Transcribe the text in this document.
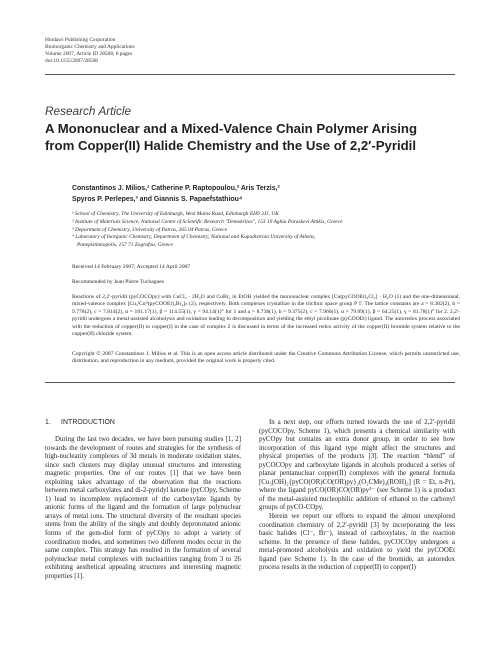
Hindawi Publishing Corporation
Bioinorganic Chemistry and Applications
Volume 2007, Article ID 28508, 6 pages
doi:10.1155/2007/28508
Research Article
A Mononuclear and a Mixed-Valence Chain Polymer Arising
from Copper(II) Halide Chemistry and the Use of 2,2′-Pyridil
Constantinos J. Milios,¹ Catherine P. Raptopoulou,² Aris Terzis,²
Spyros P. Perlepes,³ and Giannis S. Papaefstathiou⁴
¹ School of Chemistry, The University of Edinburgh, West Mains Road, Edinburgh EH9 3JJ, UK
² Institute of Materials Science, National Centre of Scientific Research "Demokritos", 153 10 Aghia Paraskevi Attikis, Greece
³ Department of Chemistry, University of Patras, 265 04 Patras, Greece
⁴ Laboratory of Inorganic Chemistry, Department of Chemistry, National and Kapodistrian University of Athens,
Panepistimiopolis, 157 71 Zografou, Greece
Received 14 February 2007; Accepted 14 April 2007
Recommended by Jean Pierre Tuchagues
Reactions of 2,2′-pyridil (pyCOCOpy) with CuCl₂ · 2H₂O and CuBr₂ in EtOH yielded the mononuclear complex [Cu(pyCOOEt)₂Cl₂] · H₂O (1) and the one-dimensional, mixed-valence complex [Cu₂ᴵCuᴵᴵ(pyCOOEt)₂Br₄]ₙ (2), respectively. Both complexes crystallize in the triclinic space group P 1̄. The lattice constants are a = 8.382(2), b = 9.778(2), c = 7.814(2), α = 101.17(1), β = 114.55(1), γ = 94.14(1)° for 1 and a = 8.738(1), b = 9.375(2), c = 7.966(1), α = 79.09(1), β = 64.25(1), γ = 81.78(1)° for 2. 2,2′-pyridil undergoes a metal-assisted alcoholysis and oxidation leading to decomposition and yielding the ethyl picolinate (pyCOOEt) ligand. The autoredox process associated with the reduction of copper(II) to copper(I) in the case of complex 2 is discussed in terms of the increased redox activity of the copper(II) bromide system relative to the copper(II) chloride system.
Copyright © 2007 Constantinos J. Milios et al. This is an open access article distributed under the Creative Commons Attribution License, which permits unrestricted use, distribution, and reproduction in any medium, provided the original work is properly cited.
1. INTRODUCTION

During the last two decades, we have been pursuing studies [1, 2] towards the development of routes and strategies for the synthesis of high-nuclearity complexes of 3d metals in moderate oxidation states, since such clusters may display unusual structures and interesting magnetic properties. One of our routes [1] that we have been exploiting takes advantage of the observation that the reactions between metal carboxylates and di-2-pyridyl ketone (pyCOpy, Scheme 1) lead to incomplete replacement of the carboxylate ligands by anionic forms of the ligand and the formation of large polynuclear arrays of metal ions. The structural diversity of the resultant species stems from the ability of the singly and doubly deprotonated anionic forms of the gem-diol form of pyCOpy to adopt a variety of coordination modes, and sometimes two different modes occur in the same complex. This strategy has resulted in the formation of several polynuclear metal complexes with nuclearities ranging from 3 to 26 exhibiting aesthetical appealing structures and interesting magnetic properties [1].

In a next step, our efforts turned towards the use of 2,2′-pyridil (pyCOCOpy, Scheme 1), which presents a chemical similarity with pyCOpy but contains an extra donor group, in order to see how incorporation of this ligand type might affect the structures and physical properties of the products [3]. The reaction “blend” of pyCOCOpy and carboxylate ligands in alcohols produced a series of planar pentanuclear copper(II) complexes with the general formula [Cu₅(OH)₂{pyCO(OR)CO(OR)py}₂(O₂CMe)₄(ROH)₂] (R = Et, n-Pr), where the ligand pyCO(OR)CO(OR)py²⁻ (see Scheme 1) is a product of the metal-assisted nucleophilic addition of ethanol to the carbonyl groups of pyCO-COpy.

Herein we report our efforts to expand the almost unexplored coordination chemistry of 2,2′-pyridil [3] by incorporating the less basic halides (Cl⁻, Br⁻), instead of carboxylates, in the reaction scheme. In the presence of these halides, pyCOCOpy undergoes a metal-promoted alcoholysis and oxidation to yield the pyCOOEt ligand (see Scheme 1). In the case of the bromide, an autoredox process results in the reduction of copper(II) to copper(I)
